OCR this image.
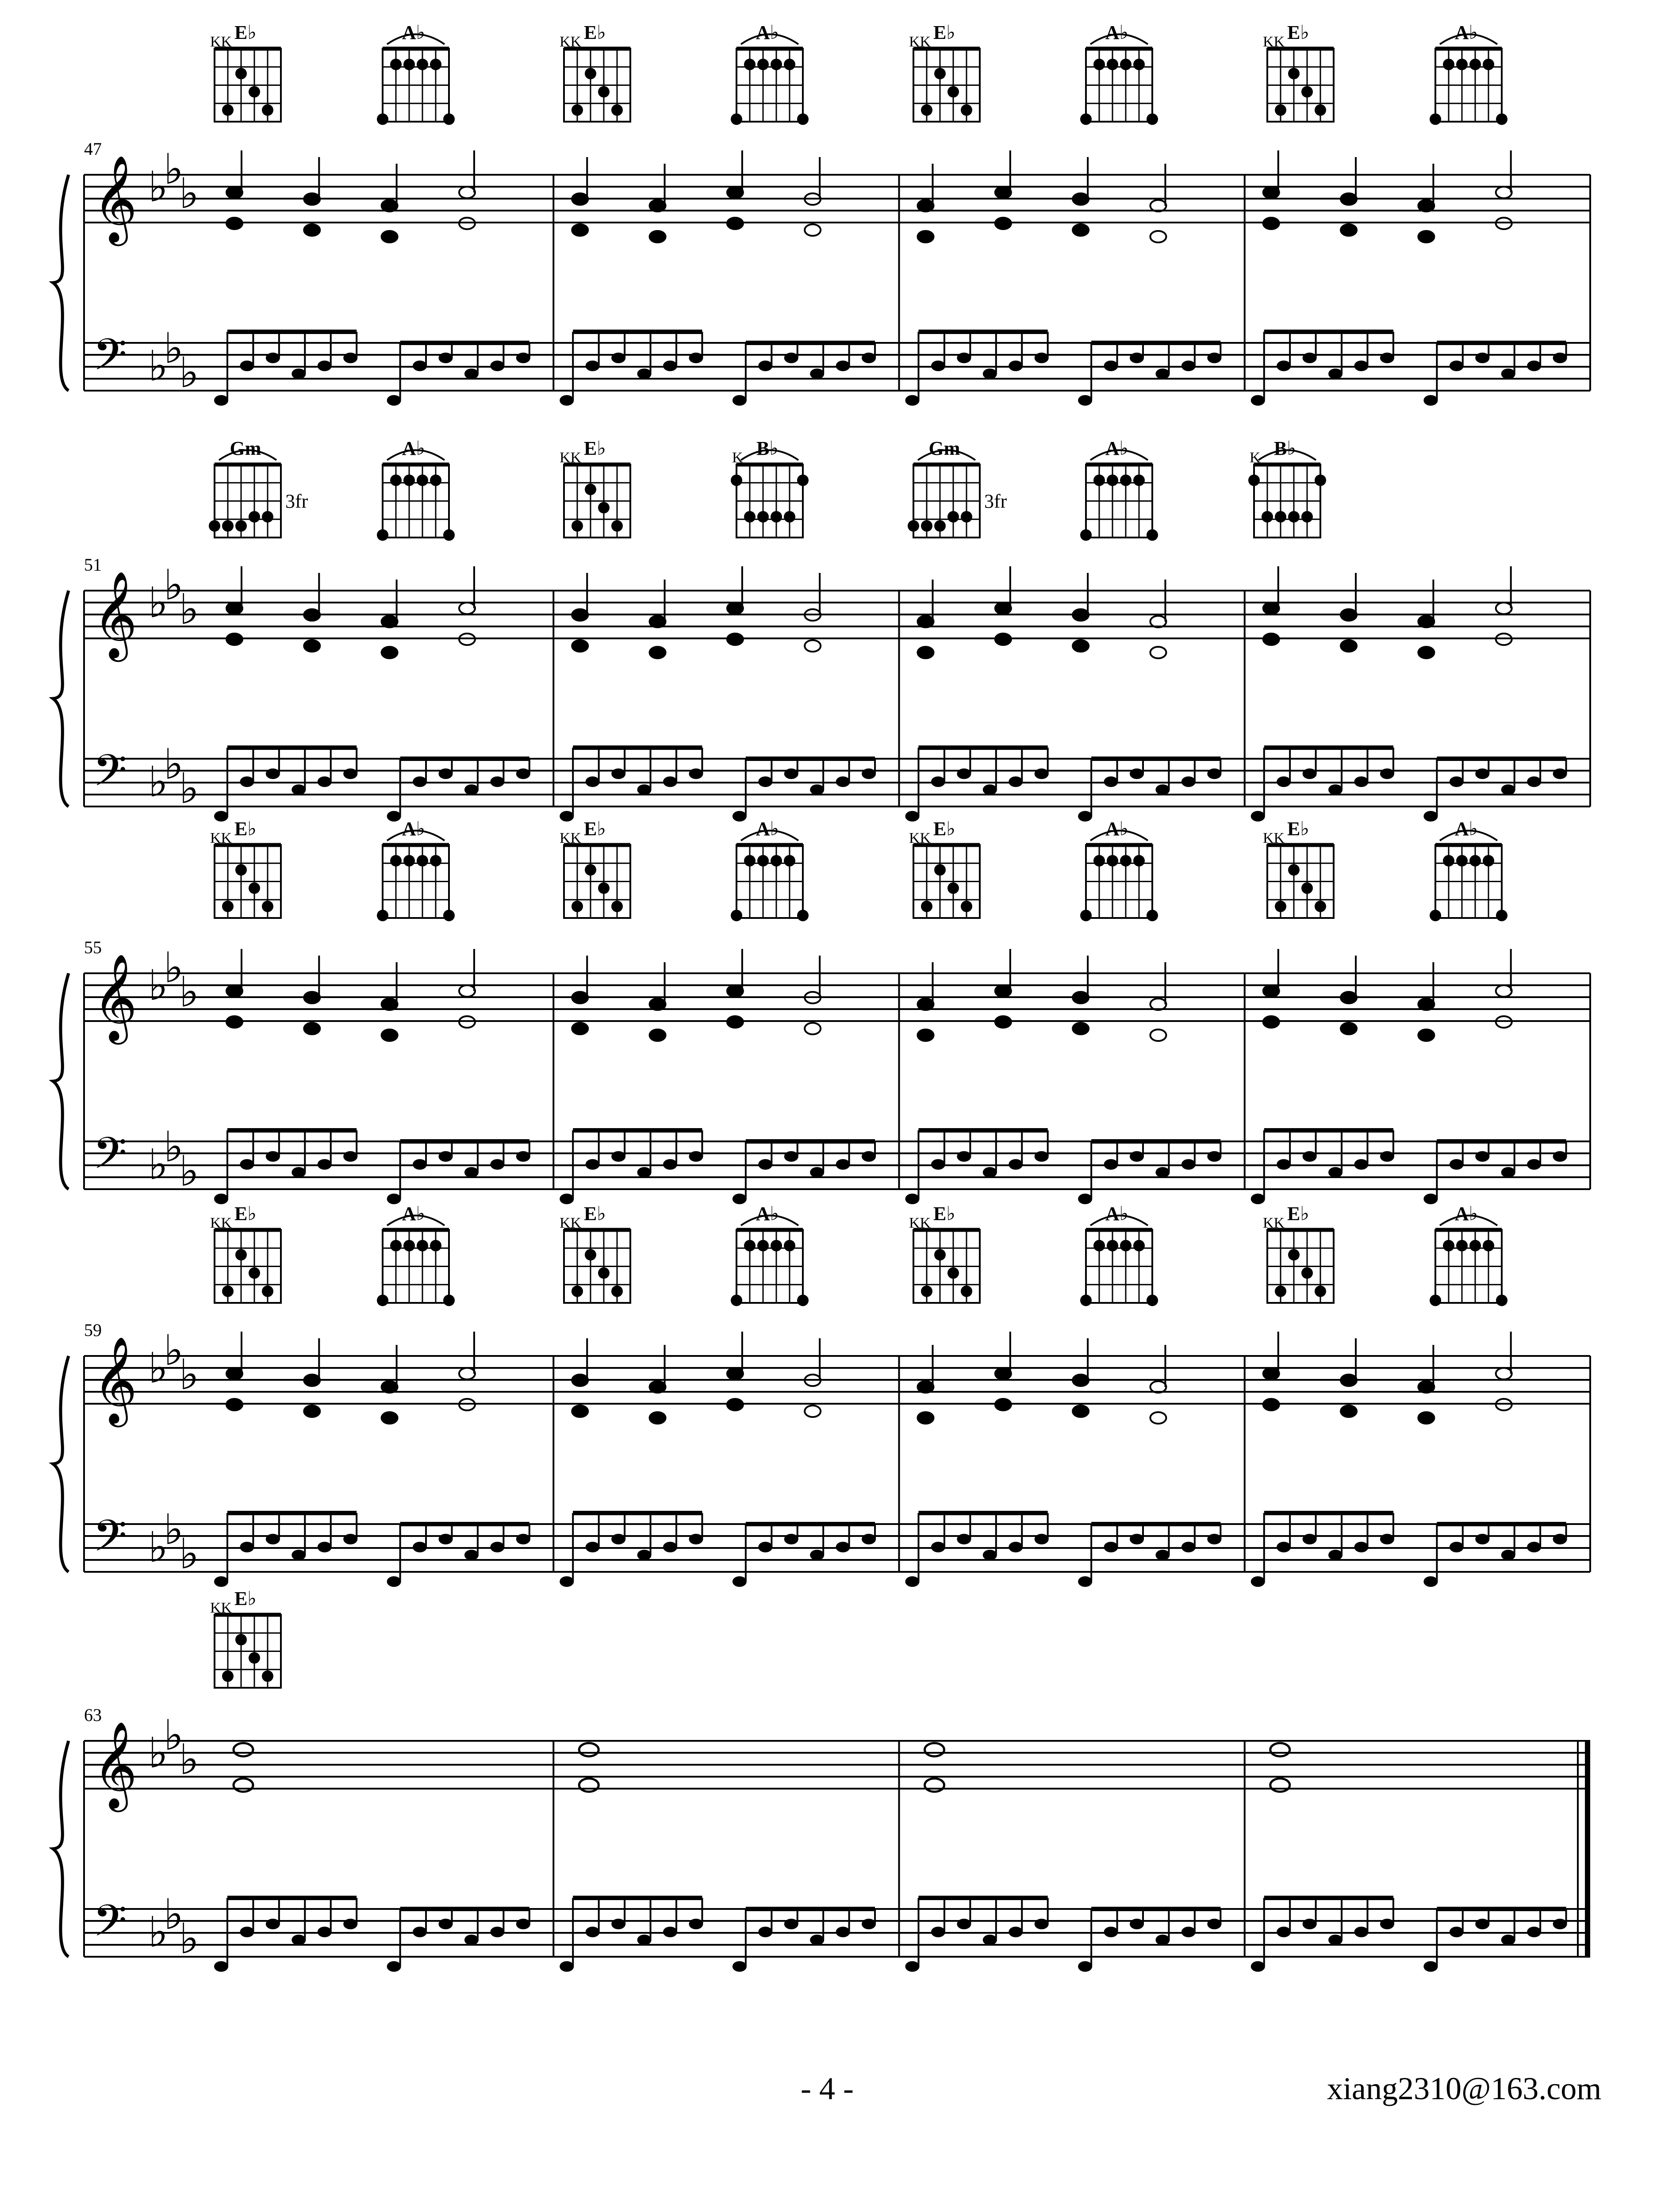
𝄞
𝄢
♭
♭
♭
♭
♭
♭
47
E♭
KK	A♭	E♭
KK	A♭	E♭
KK	A♭	E♭
KK	A♭
𝄞
𝄢
♭
♭
♭
♭
♭
♭
51
Gm
3fr
A♭	E♭
KK	B♭
K	Gm
3fr
A♭	B♭
K
𝄞
𝄢
♭
♭
♭
♭
♭
♭
55
E♭
KK	A♭	E♭
KK	A♭	E♭
KK	A♭	E♭
KK	A♭
𝄞
𝄢
♭
♭
♭
♭
♭
♭
59
E♭
KK	A♭	E♭
KK	A♭	E♭
KK	A♭	E♭
KK	A♭
𝄞
𝄢
♭
♭
♭
♭
♭
♭
63
E♭
KK
- 4 -	xiang2310@163.com
